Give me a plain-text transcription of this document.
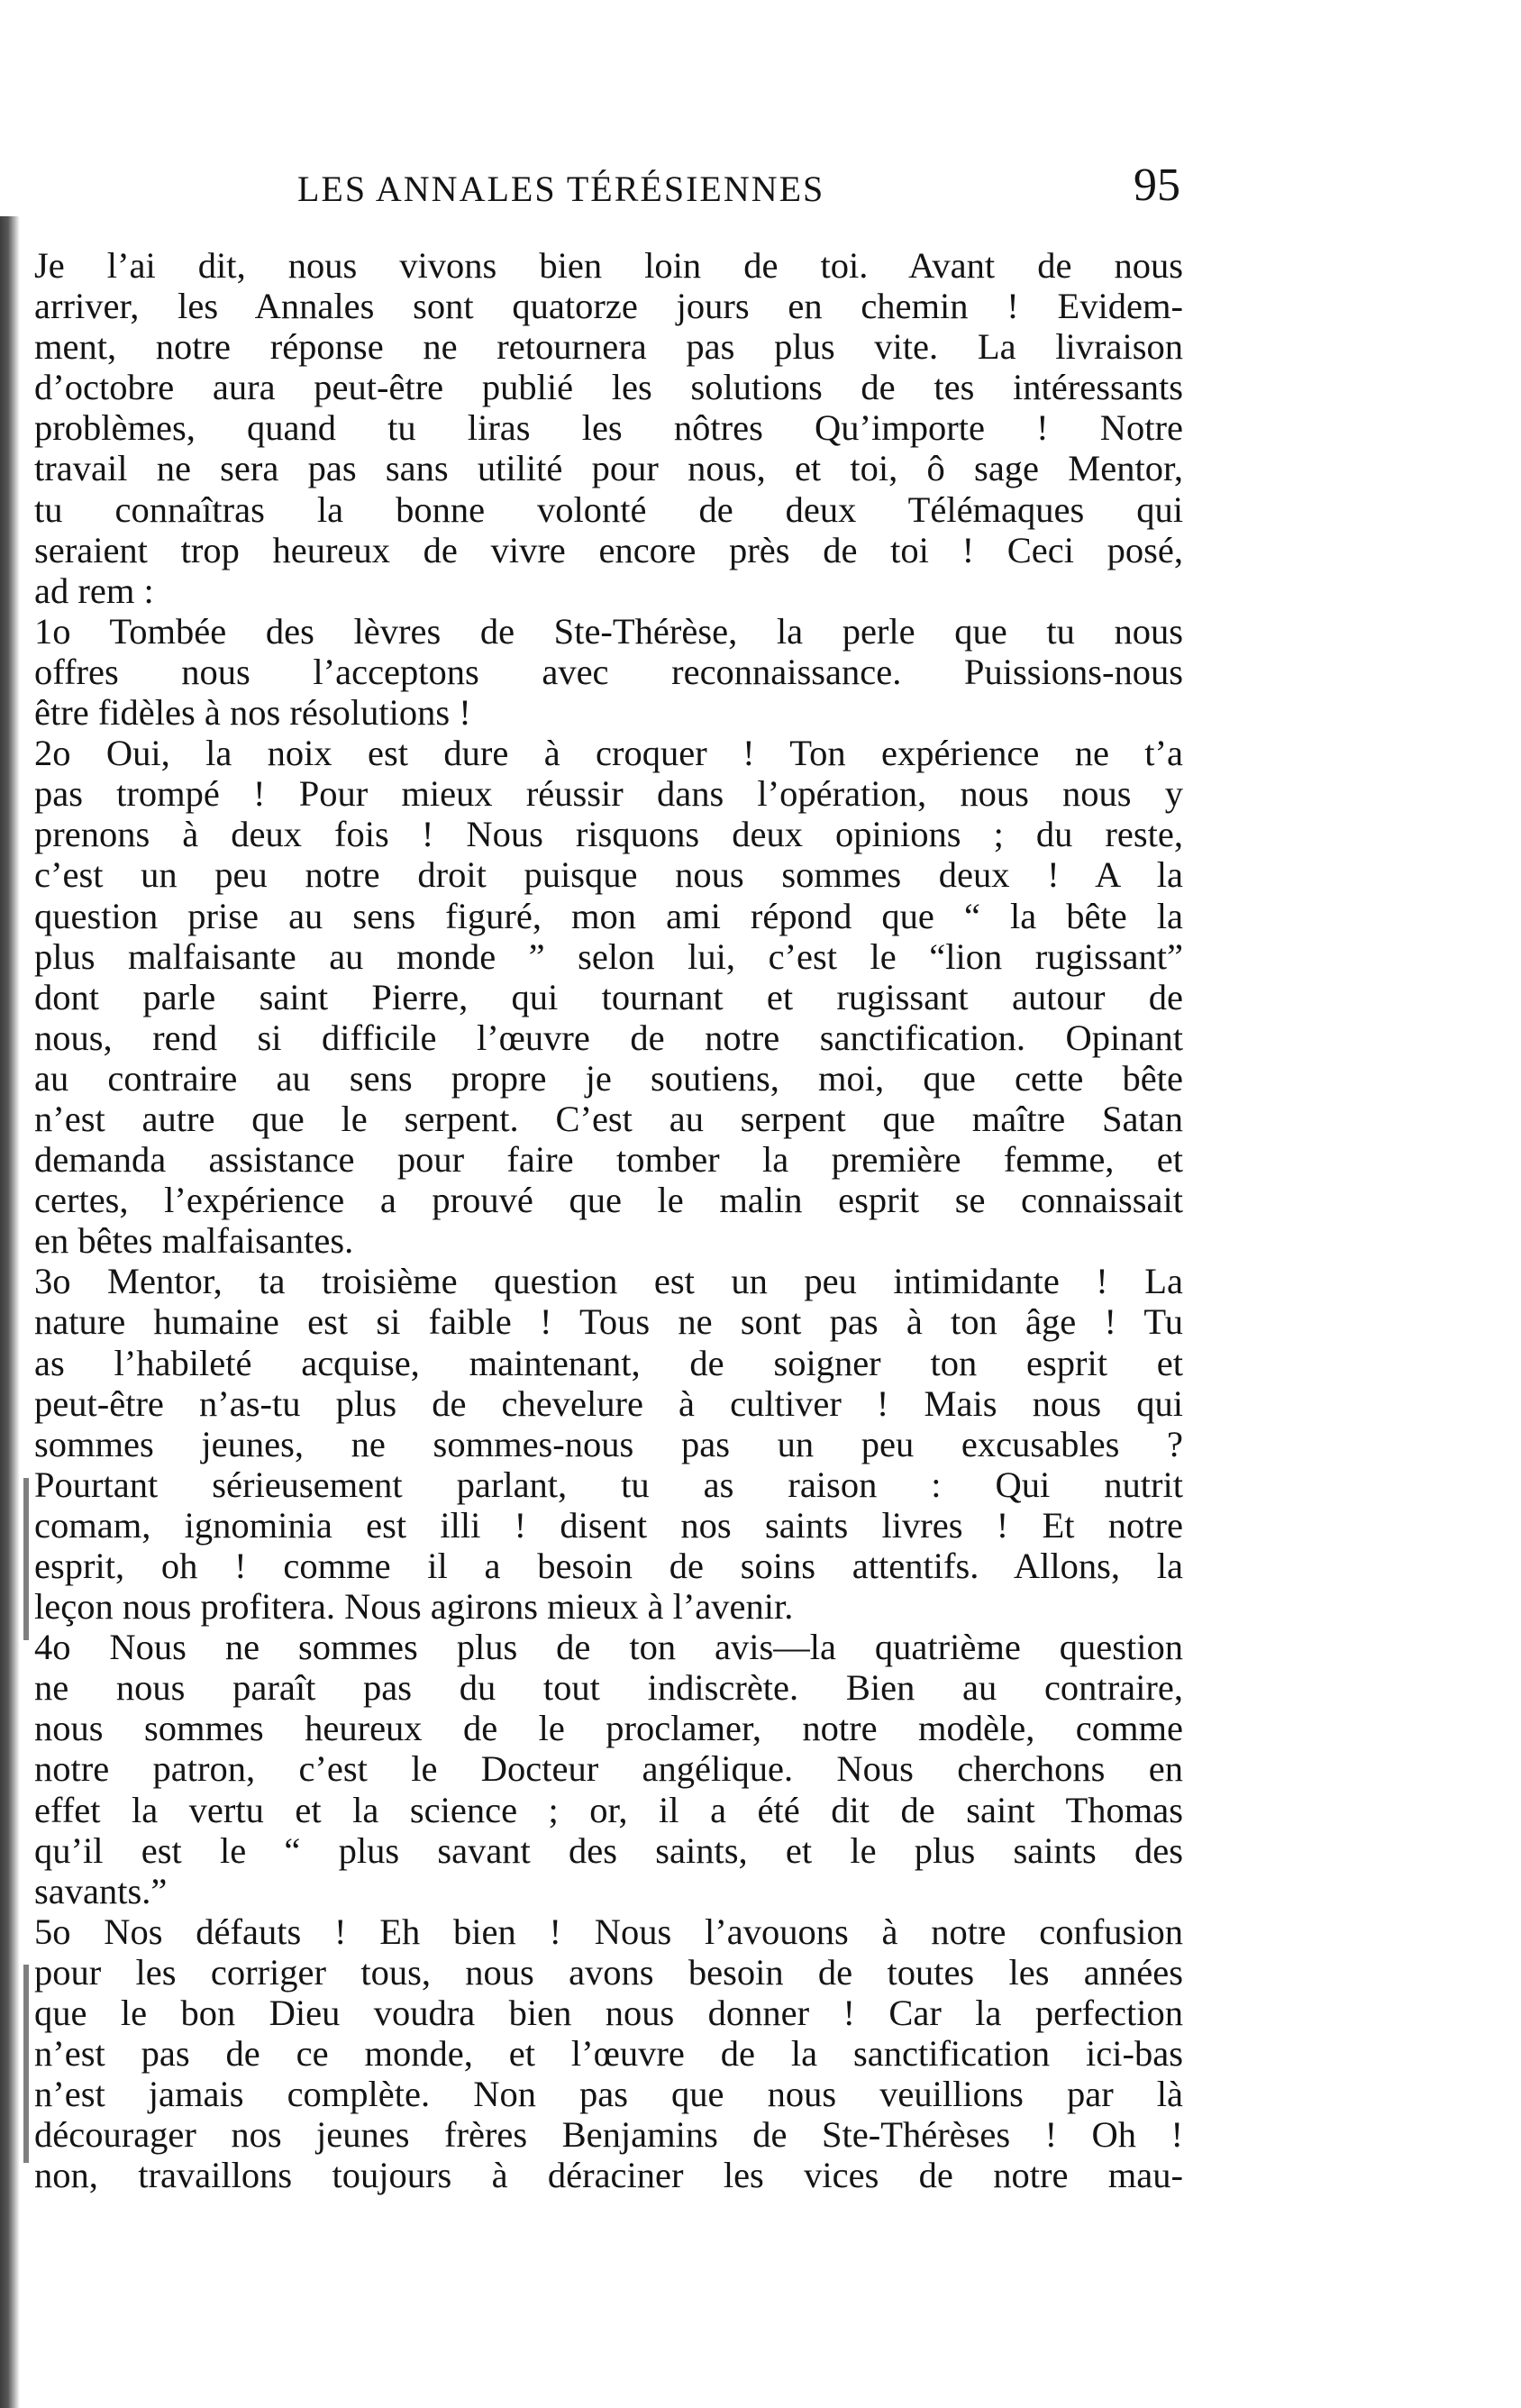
LES ANNALES TÉRÉSIENNES	95
Je l’ai dit, nous vivons bien loin de toi. Avant de nous
arriver, les Annales sont quatorze jours en chemin ! Evidem-
ment, notre réponse ne retournera pas plus vite. La livraison
d’octobre aura peut-être publié les solutions de tes intéressants
problèmes, quand tu liras les nôtres Qu’importe ! Notre
travail ne sera pas sans utilité pour nous, et toi, ô sage Mentor,
tu connaîtras la bonne volonté de deux Télémaques qui
seraient trop heureux de vivre encore près de toi ! Ceci posé,
ad rem :
1o Tombée des lèvres de Ste-Thérèse, la perle que tu nous
offres nous l’acceptons avec reconnaissance. Puissions-nous
être fidèles à nos résolutions !
2o Oui, la noix est dure à croquer ! Ton expérience ne t’a
pas trompé ! Pour mieux réussir dans l’opération, nous nous y
prenons à deux fois ! Nous risquons deux opinions ; du reste,
c’est un peu notre droit puisque nous sommes deux ! A la
question prise au sens figuré, mon ami répond que “ la bête la
plus malfaisante au monde ” selon lui, c’est le “lion rugissant”
dont parle saint Pierre, qui tournant et rugissant autour de
nous, rend si difficile l’œuvre de notre sanctification. Opinant
au contraire au sens propre je soutiens, moi, que cette bête
n’est autre que le serpent. C’est au serpent que maître Satan
demanda assistance pour faire tomber la première femme, et
certes, l’expérience a prouvé que le malin esprit se connaissait
en bêtes malfaisantes.
3o Mentor, ta troisième question est un peu intimidante ! La
nature humaine est si faible ! Tous ne sont pas à ton âge ! Tu
as l’habileté acquise, maintenant, de soigner ton esprit et
peut-être n’as-tu plus de chevelure à cultiver ! Mais nous qui
sommes jeunes, ne sommes-nous pas un peu excusables ?
Pourtant sérieusement parlant, tu as raison : Qui nutrit
comam, ignominia est illi ! disent nos saints livres ! Et notre
esprit, oh ! comme il a besoin de soins attentifs. Allons, la
leçon nous profitera. Nous agirons mieux à l’avenir.
4o Nous ne sommes plus de ton avis—la quatrième question
ne nous paraît pas du tout indiscrète. Bien au contraire,
nous sommes heureux de le proclamer, notre modèle, comme
notre patron, c’est le Docteur angélique. Nous cherchons en
effet la vertu et la science ; or, il a été dit de saint Thomas
qu’il est le “ plus savant des saints, et le plus saints des
savants.”
5o Nos défauts ! Eh bien ! Nous l’avouons à notre confusion
pour les corriger tous, nous avons besoin de toutes les années
que le bon Dieu voudra bien nous donner ! Car la perfection
n’est pas de ce monde, et l’œuvre de la sanctification ici-bas
n’est jamais complète. Non pas que nous veuillions par là
décourager nos jeunes frères Benjamins de Ste-Thérèses ! Oh !
non, travaillons toujours à déraciner les vices de notre mau-
